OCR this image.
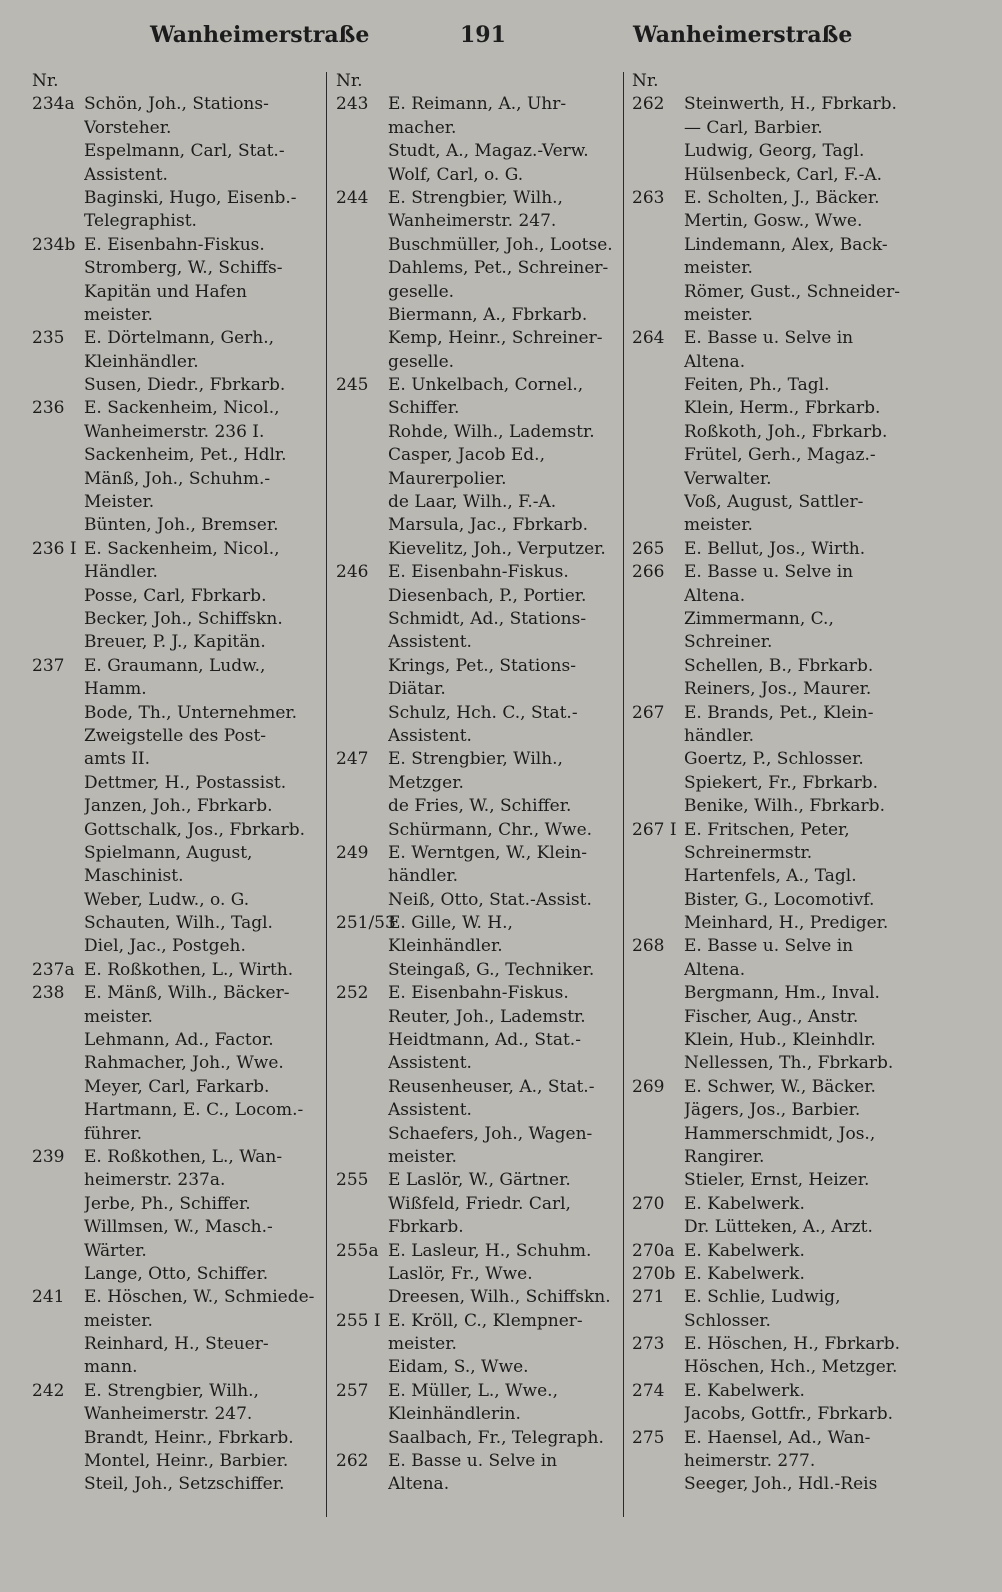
Wanheimerstraße	191	Wanheimerstraße
Nr.
234a Schön, Joh., Stations-
Vorsteher.
Espelmann, Carl, Stat.-
Assistent.
Baginski, Hugo, Eisenb.-
Telegraphist.
234b E. Eisenbahn-Fiskus.
Stromberg, W., Schiffs-
Kapitän und Hafen
meister.
235	E. Dörtelmann, Gerh.,
Kleinhändler.
Susen, Diedr., Fbrkarb.
236	E. Sackenheim, Nicol.,
Wanheimerstr. 236 I.
Sackenheim, Pet., Hdlr.
Mänß, Joh., Schuhm.-
Meister.
Bünten, Joh., Bremser.
236 I E. Sackenheim, Nicol.,
Händler.
Posse, Carl, Fbrkarb.
Becker, Joh., Schiffskn.
Breuer, P. J., Kapitän.
237	E. Graumann, Ludw.,
Hamm.
Bode, Th., Unternehmer.
Zweigstelle des Post-
amts II.
Dettmer, H., Postassist.
Janzen, Joh., Fbrkarb.
Gottschalk, Jos., Fbrkarb.
Spielmann, August,
Maschinist.
Weber, Ludw., o. G.
Schauten, Wilh., Tagl.
Diel, Jac., Postgeh.
237a E. Roßkothen, L., Wirth.
238	E. Mänß, Wilh., Bäcker-
meister.
Lehmann, Ad., Factor.
Rahmacher, Joh., Wwe.
Meyer, Carl, Farkarb.
Hartmann, E. C., Locom.-
führer.
239	E. Roßkothen, L., Wan-
heimerstr. 237a.
Jerbe, Ph., Schiffer.
Willmsen, W., Masch.-
Wärter.
Lange, Otto, Schiffer.
241	E. Höschen, W., Schmiede-
meister.
Reinhard, H., Steuer-
mann.
242	E. Strengbier, Wilh.,
Wanheimerstr. 247.
Brandt, Heinr., Fbrkarb.
Montel, Heinr., Barbier.
Steil, Joh., Setzschiffer.
Nr.
243	E. Reimann, A., Uhr-
macher.
Studt, A., Magaz.-Verw.
Wolf, Carl, o. G.
244	E. Strengbier, Wilh.,
Wanheimerstr. 247.
Buschmüller, Joh., Lootse.
Dahlems, Pet., Schreiner-
geselle.
Biermann, A., Fbrkarb.
Kemp, Heinr., Schreiner-
geselle.
245	E. Unkelbach, Cornel.,
Schiffer.
Rohde, Wilh., Lademstr.
Casper, Jacob Ed.,
Maurerpolier.
de Laar, Wilh., F.-A.
Marsula, Jac., Fbrkarb.
Kievelitz, Joh., Verputzer.
246	E. Eisenbahn-Fiskus.
Diesenbach, P., Portier.
Schmidt, Ad., Stations-
Assistent.
Krings, Pet., Stations-
Diätar.
Schulz, Hch. C., Stat.-
Assistent.
247	E. Strengbier, Wilh.,
Metzger.
de Fries, W., Schiffer.
Schürmann, Chr., Wwe.
249	E. Werntgen, W., Klein-
händler.
Neiß, Otto, Stat.-Assist.
251/53
E. Gille, W. H.,
Kleinhändler.
Steingaß, G., Techniker.
252	E. Eisenbahn-Fiskus.
Reuter, Joh., Lademstr.
Heidtmann, Ad., Stat.-
Assistent.
Reusenheuser, A., Stat.-
Assistent.
Schaefers, Joh., Wagen-
meister.
255	E Laslör, W., Gärtner.
Wißfeld, Friedr. Carl,
Fbrkarb.
255a E. Lasleur, H., Schuhm.
Laslör, Fr., Wwe.
Dreesen, Wilh., Schiffskn.
255 I E. Kröll, C., Klempner-
meister.
Eidam, S., Wwe.
257	E. Müller, L., Wwe.,
Kleinhändlerin.
Saalbach, Fr., Telegraph.
262	E. Basse u. Selve in
Altena.
Nr.
262	Steinwerth, H., Fbrkarb.
— Carl, Barbier.
Ludwig, Georg, Tagl.
Hülsenbeck, Carl, F.-A.
263	E. Scholten, J., Bäcker.
Mertin, Gosw., Wwe.
Lindemann, Alex, Back-
meister.
Römer, Gust., Schneider-
meister.
264	E. Basse u. Selve in
Altena.
Feiten, Ph., Tagl.
Klein, Herm., Fbrkarb.
Roßkoth, Joh., Fbrkarb.
Frütel, Gerh., Magaz.-
Verwalter.
Voß, August, Sattler-
meister.
265	E. Bellut, Jos., Wirth.
266	E. Basse u. Selve in
Altena.
Zimmermann, C.,
Schreiner.
Schellen, B., Fbrkarb.
Reiners, Jos., Maurer.
267	E. Brands, Pet., Klein-
händler.
Goertz, P., Schlosser.
Spiekert, Fr., Fbrkarb.
Benike, Wilh., Fbrkarb.
267 I E. Fritschen, Peter,
Schreinermstr.
Hartenfels, A., Tagl.
Bister, G., Locomotivf.
Meinhard, H., Prediger.
268	E. Basse u. Selve in
Altena.
Bergmann, Hm., Inval.
Fischer, Aug., Anstr.
Klein, Hub., Kleinhdlr.
Nellessen, Th., Fbrkarb.
269	E. Schwer, W., Bäcker.
Jägers, Jos., Barbier.
Hammerschmidt, Jos.,
Rangirer.
Stieler, Ernst, Heizer.
270	E. Kabelwerk.
Dr. Lütteken, A., Arzt.
270a E. Kabelwerk.
270b E. Kabelwerk.
271	E. Schlie, Ludwig,
Schlosser.
273	E. Höschen, H., Fbrkarb.
Höschen, Hch., Metzger.
274	E. Kabelwerk.
Jacobs, Gottfr., Fbrkarb.
275	E. Haensel, Ad., Wan-
heimerstr. 277.
Seeger, Joh., Hdl.-Reis
